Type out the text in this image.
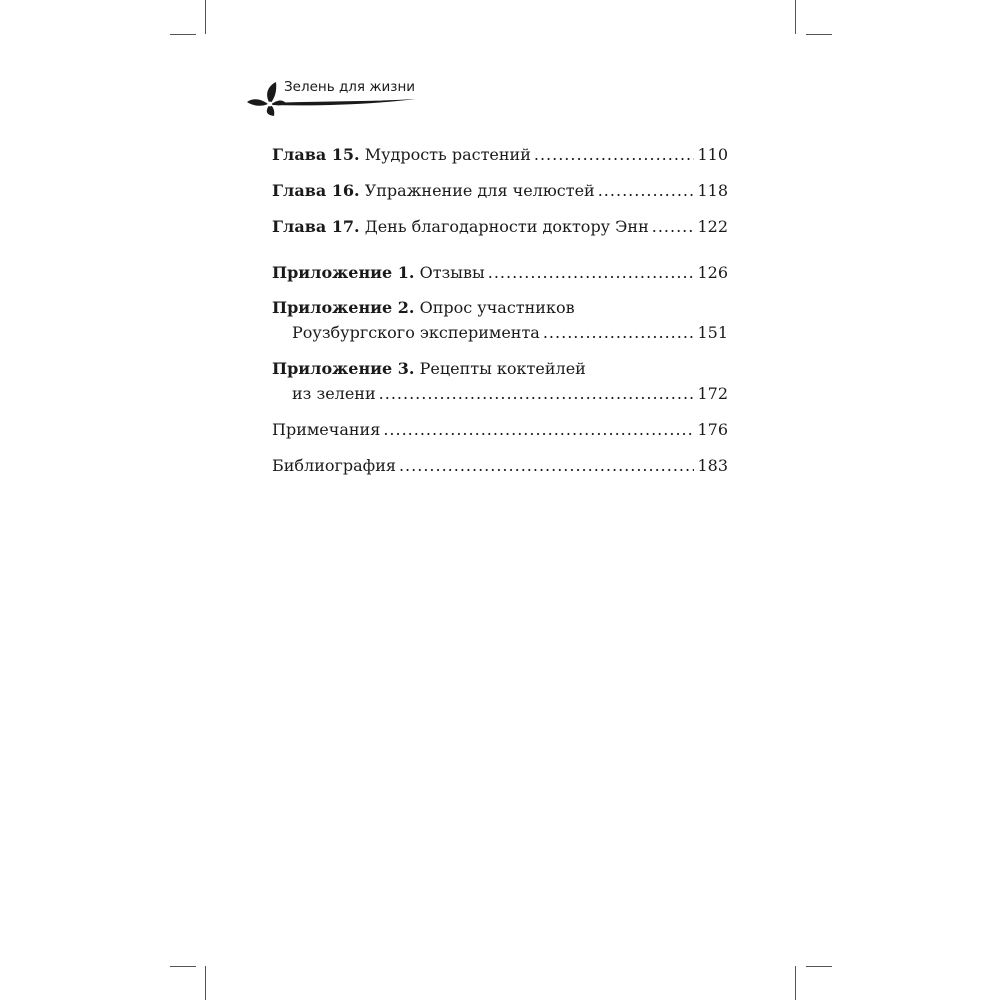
Зелень для жизни
Глава 15. Мудрость растений .....	110
Глава 16. Упражнение для челюстей .....	118
Глава 17. День благодарности доктору Энн .....	122
Приложение 1. Отзывы .....	126
Приложение 2. Опрос участников
Роузбургского эксперимента .....	151
Приложение 3. Рецепты коктейлей
из зелени .....	172
Примечания .....	176
Библиография .....	183
